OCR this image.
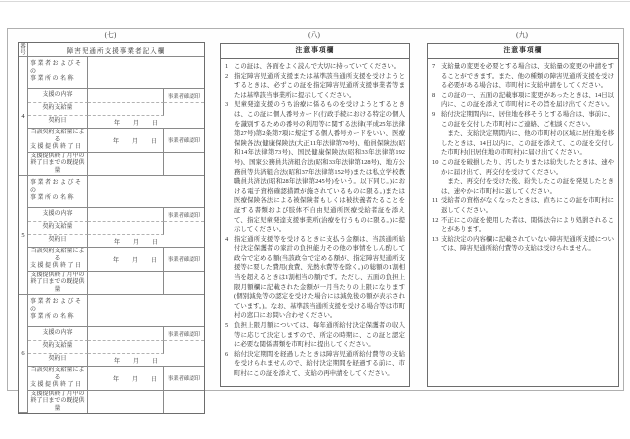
(七)	(八)	(九)
番号	障害児通所支援事業者記入欄		
4	事業者およびその
事業所の名称		

	支援の内容		事業者確認印
	契約支給量		
	契約日	年 月 日	

当該契約支給量による
支援提供終了日

年 月 日	事業者確認印

	支援提供終了月中の
終了日までの既提供量		

5	事業者およびその
事業所の名称		

	支援の内容		事業者確認印
	契約支給量		
	契約日	年 月 日	

当該契約支給量による
支援提供終了日

年 月 日	事業者確認印

	支援提供終了月中の
終了日までの既提供量		

6	事業者およびその
事業所の名称		

	支援の内容		事業者確認印
	契約支給量		
	契約日	年 月 日	

当該契約支給量による
支援提供終了日

年 月 日	事業者確認印

	支援提供終了月中の
終了日までの既提供量		

注意事項欄
1 この証は、各面をよく読んで大切に持っていてください。

2 指定障害児通所支援または基準該当通所支援を受けようとするときは、必ずこの証を指定障害児通所支援事業者等または基準該当事業所に提示してください。

3 児童発達支援のうち治療に係るものを受けようとするときは、この証に個人番号カード(行政手続における特定の個人を識別するための番号の利用等に関する法律(平成25年法律第27号)第2条第7項に規定する個人番号カードをいい、医療保険各法(健康保険法(大正11年法律第70号)、船員保険法(昭和14年法律第73号)、国民健康保険法(昭和33年法律第192号)、国家公務員共済組合法(昭和33年法律第128号)、地方公務員等共済組合法(昭和37年法律第152号)または私立学校教職員共済法(昭和28年法律第245号)をいう。以下同じ。)における電子資格確認措置が施されているものに限る。)または医療保険各法による被保険者もしくは被扶養者たることを証する書類および肢体不自由児通所医療受給者証を添えて、指定児童発達支援事業所(治療を行うものに限る。)に提示してください。

4 指定通所支援等を受けるときに支払う金額は、当該通所給付決定保護者の家計の負担能力その他の事情をしん酌して政令で定める額(当該政令で定める額が、指定障害児通所支援等に要した費用(食費、光熱水費等を除く。)の総額の1割相当を超えるときは1割相当の額)です。ただし、五面の負担上限月額欄に記載された金額が一月当たりの上限になります(個別減免等の認定を受けた場合には減免後の額が表示されています。)。なお、基準該当通所支援を受ける場合等は市町村の窓口にお問い合わせください。

5 負担上限月額については、毎年通所給付決定保護者の収入等に応じて決定しますので、所定の時期に、この証と認定に必要な関係書類を市町村に提出してください。

6 給付決定期間を経過したときは障害児通所給付費等の支給を受けられませんので、給付決定期間を経過する前に、市町村にこの証を添えて、支給の再申請をしてください。

注意事項欄
7 支給量の変更を必要とする場合は、支給量の変更の申請をすることができます。また、他の種類の障害児通所支援を受ける必要がある場合は、市町村に支給申請をしてください。

8 この証の一、五面の記載事項に変更があったときは、14日以内に、この証を添えて市町村にその旨を届け出てください。

9 給付決定期間内に、居住地を移そうとする場合は、事前に、この証を交付した市町村にご連絡、ご相談ください。

また、支給決定期間内に、他の市町村の区域に居住地を移したときは、14日以内に、この証を添えて、この証を交付した市町村(旧居住地の市町村)に届け出てください。

10 この証を破損したり、汚したりまたは紛失したときは、速やかに届け出て、再交付を受けてください。

また、再交付を受けた後、紛失したこの証を発見したときは、速やかに市町村に返してください。

11 受給者の資格がなくなったときは、直ちにこの証を市町村に返してください。

12 不正にこの証を使用した者は、関係法令により処罰されることがあります。

13 支給決定の内容欄に記載されていない障害児通所支援については、障害児通所給付費等の支給は受けられません。
